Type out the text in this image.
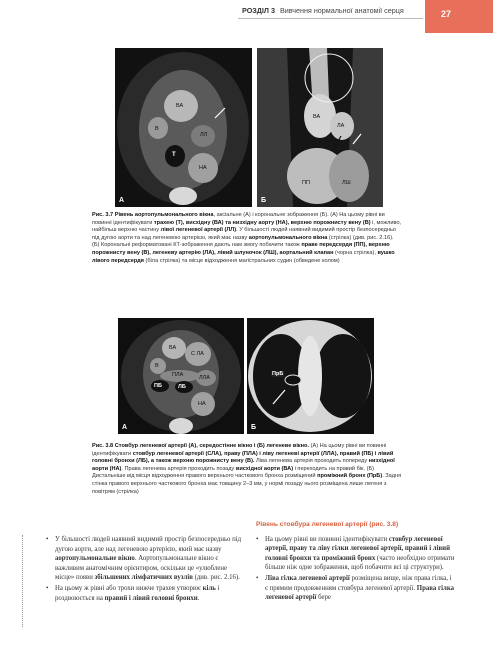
РОЗДІЛ 3 Вивчення нормальної анатомії серця	27
ВА
В
ЛЛ
Т
НА
А
ВА
ЛА
ЛШ
ПП
Б
Рис. 3.7 Рівень аортопульмонального вікна, аксіальне (А) і корональне зображення (Б). (А) На цьому рівні ви повинні ідентифікувати трахею (Т), висхідну (ВА) та низхідну аорту (НА), верхню порожнисту вену (В) і, можливо, найбільш верхню частину лівої легеневої артерії (ЛЛ). У більшості людей наявний видимий простір безпосередньо під дугою аорти та над легеневою артерією, який має назву аортопульмонального вікна (стрілка) (див. рис. 2.16). (Б) Корональні реформатовані КТ-зображення дають нам змогу побачити також праве передсердя (ПП), верхню порожнисту вену (В), легеневу артерію (ЛА), лівий шлуночок (ЛШ), аортальний клапан (чорна стрілка), вушко лівого передсердя (біла стрілка) та місце відходження магістральних судин (обведене колом)
ВА
С ЛА
В
ПЛА	ЛЛА
ПБ	ЛБ
НА
А
ПрБ
Б
Рис. 3.8 Стовбур легеневої артерії (А), середостінне вікно і (Б) легеневе вікно. (А) На цьому рівні ви повинні ідентифікувати стовбур легеневої артерії (СЛА), праву (ПЛА) і ліву легеневі артерії (ЛЛА), правий (ПБ) і лівий головні бронхи (ЛБ), а також верхню порожнисту вену (В). Ліва легенева артерія проходить попереду низхідної аорти (НА). Права легенева артерія проходить позаду висхідної аорти (ВА) і переходить на правий бік. (Б) Дистальніше від місця відходження правого верхнього часткового бронха розміщений проміжний бронх (ПрБ). Задня стінка правого верхнього часткового бронха має товщину 2–3 мм, у нормі позаду нього розміщена лише легеня з повітрям (стрілка)
• У більшості людей наявний видимий простір безпосередньо під дугою аорти, але над легеневою артерією, який має назву аортопульмональне вікно. Аортопульмональне вікно є важливим анатомічним орієнтиром, оскільки це «улюблене місце» появи збільшених лімфатичних вузлів (див. рис. 2.16).
• На цьому ж рівні або трохи нижче трахея утворює кіль і роздвоюється на правий і лівий головні бронхи.
Рівень стовбура легеневої артерії (рис. 3.8)
• На цьому рівні ви повинні ідентифікувати стовбур легеневої артерії, праву та ліву гілки легеневої артерії, правий і лівий головні бронхи та проміжний бронх (часто необхідно отримати більше ніж одне зображення, щоб побачити всі ці структури).
• Ліва гілка легеневої артерії розміщена вище, ніж права гілка, і є прямим продовженням стовбура легеневої артерії. Права гілка легеневої артерії бере
